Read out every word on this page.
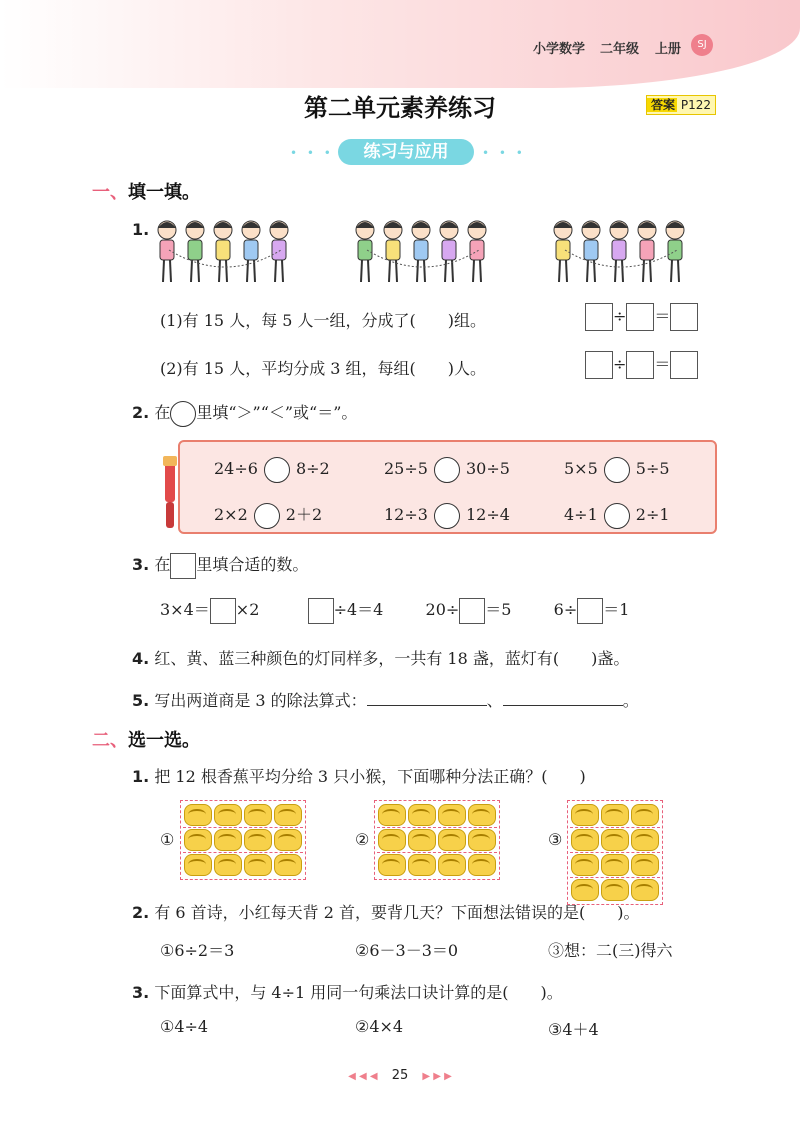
小学数学 二年级 上册	SJ
第二单元素养练习	答案 P122
• • •	练习与应用	• • •
一、填一填。
1.
(1)有 15 人，每 5 人一组，分成了(　　)组。	÷ ＝
(2)有 15 人，平均分成 3 组，每组(　　)人。	÷ ＝
2. 在 里填“＞”“＜”或“＝”。
24÷6 8÷2	25÷5 30÷5	5×5 5÷5
2×2 2＋2	12÷3 12÷4	4÷1 2÷1
3. 在 里填合适的数。
3×4＝ ×2	÷4＝4	20÷ ＝5	6÷ ＝1
4. 红、黄、蓝三种颜色的灯同样多，一共有 18 盏，蓝灯有(　　)盏。
5. 写出两道商是 3 的除法算式：	、	。
二、选一选。
1. 把 12 根香蕉平均分给 3 只小猴，下面哪种分法正确？(　　)
①	②	③
2. 有 6 首诗，小红每天背 2 首，要背几天？下面想法错误的是(　　)。
①6÷2＝3	②6－3－3＝0	③想：二(三)得六
3. 下面算式中，与 4÷1 用同一句乘法口诀计算的是(　　)。
①4÷4	②4×4	③4＋4
◀ ◀ ◀ 25 ▶ ▶ ▶
